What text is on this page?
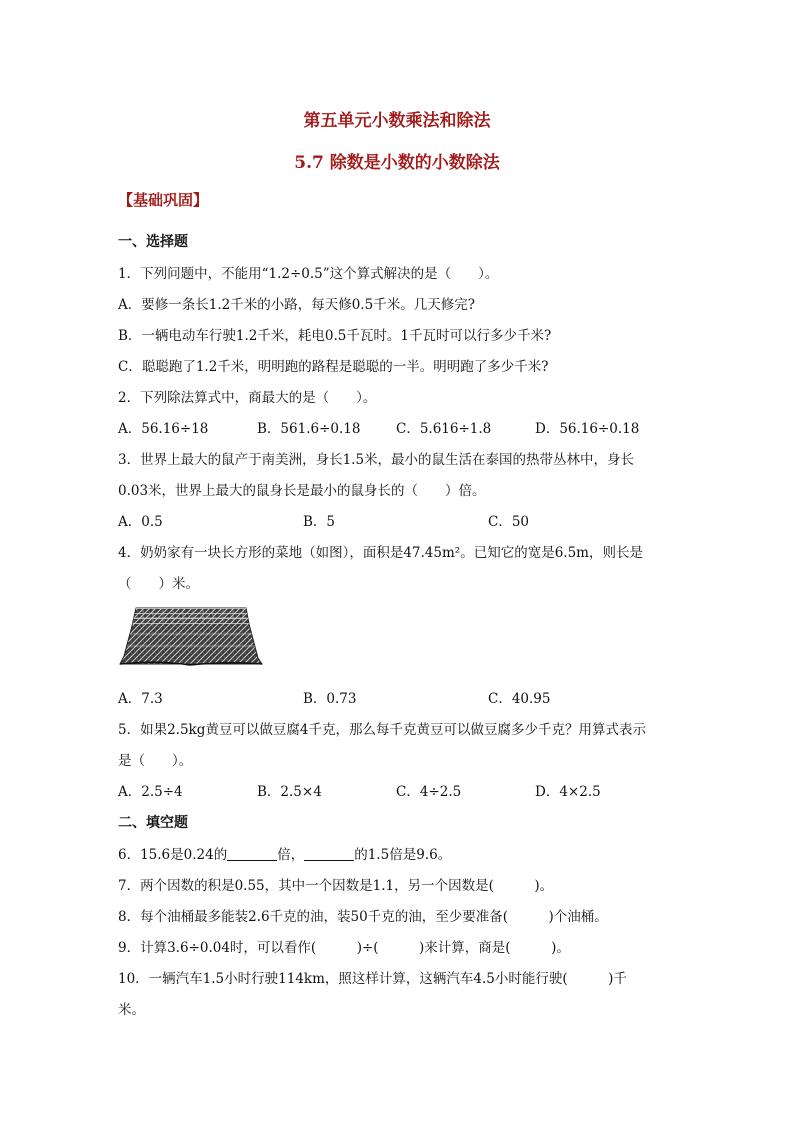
第五单元小数乘法和除法
5.7 除数是小数的小数除法
【基础巩固】
一、选择题
1．下列问题中，不能用“1.2÷0.5”这个算式解决的是（　　）。
A．要修一条长1.2千米的小路，每天修0.5千米。几天修完?
B．一辆电动车行驶1.2千米，耗电0.5千瓦时。1千瓦时可以行多少千米?
C．聪聪跑了1.2千米，明明跑的路程是聪聪的一半。明明跑了多少千米?
2．下列除法算式中，商最大的是（　　）。
A．56.16÷18	B．561.6÷0.18	C．5.616÷1.8	D．56.16÷0.18
3．世界上最大的鼠产于南美洲，身长1.5米，最小的鼠生活在泰国的热带丛林中，身长
0.03米，世界上最大的鼠身长是最小的鼠身长的（　　）倍。
A．0.5	B．5	C．50
4．奶奶家有一块长方形的菜地（如图），面积是47.45m²。已知它的宽是6.5m，则长是
（　　）米。
A．7.3	B．0.73	C．40.95
5．如果2.5kg黄豆可以做豆腐4千克，那么每千克黄豆可以做豆腐多少千克？用算式表示
是（　　）。
A．2.5÷4	B．2.5×4	C．4÷2.5	D．4×2.5
二、填空题
6．15.6是0.24的	倍，	的1.5倍是9.6。
7．两个因数的积是0.55，其中一个因数是1.1，另一个因数是(　　　)。
8．每个油桶最多能装2.6千克的油，装50千克的油，至少要准备(　　　)个油桶。
9．计算3.6÷0.04时，可以看作(　　　)÷(　　　)来计算，商是(　　　)。
10．一辆汽车1.5小时行驶114km，照这样计算，这辆汽车4.5小时能行驶(　　　)千
米。
